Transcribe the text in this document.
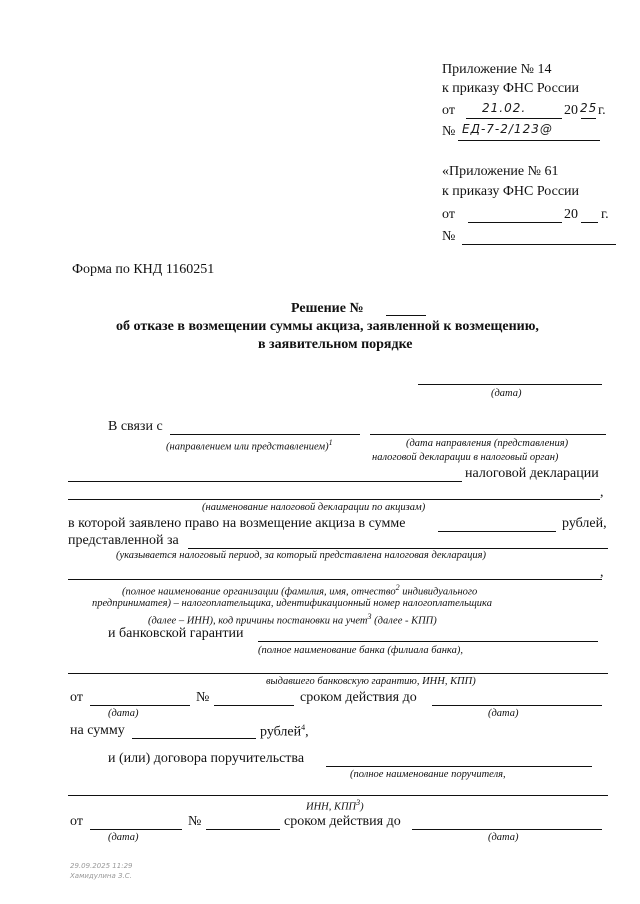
Приложение № 14
к приказу ФНС России
от 21.02.	20 25 г.
№ ЕД-7-2/123@
«Приложение № 61
к приказу ФНС России
от	20 г.
№
Форма по КНД 1160251
Решение №
об отказе в возмещении суммы акциза, заявленной к возмещению,
в заявительном порядке
(дата)
В связи с
(направлением или представлением)$^1$	(дата направления (представления)
налоговой декларации в налоговый орган)
налоговой декларации
,
(наименование налоговой декларации по акцизам)
в которой заявлено право на возмещение акциза в сумме	рублей,
представленной за
(указывается налоговый период, за который представлена налоговая декларация)
,
(полное наименование организации (фамилия, имя, отчество$^2$ индивидуального
предприниматея) – налогоплательщика, идентификационный номер налогоплательщика
(далее – ИНН), код причины постановки на учет$^3$ (далее - КПП)
и банковской гарантии
(полное наименование банка (филиала банка),
выдавшего банковскую гарантию, ИНН, КПП)
от	№	сроком действия до
(дата)	(дата)
на сумму	рублей$^4$,
и (или) договора поручительства
(полное наименование поручителя,
ИНН, КПП$^3$)
от	№	сроком действия до
(дата)	(дата)
29.09.2025 11:29
Хамидулина З.С.
